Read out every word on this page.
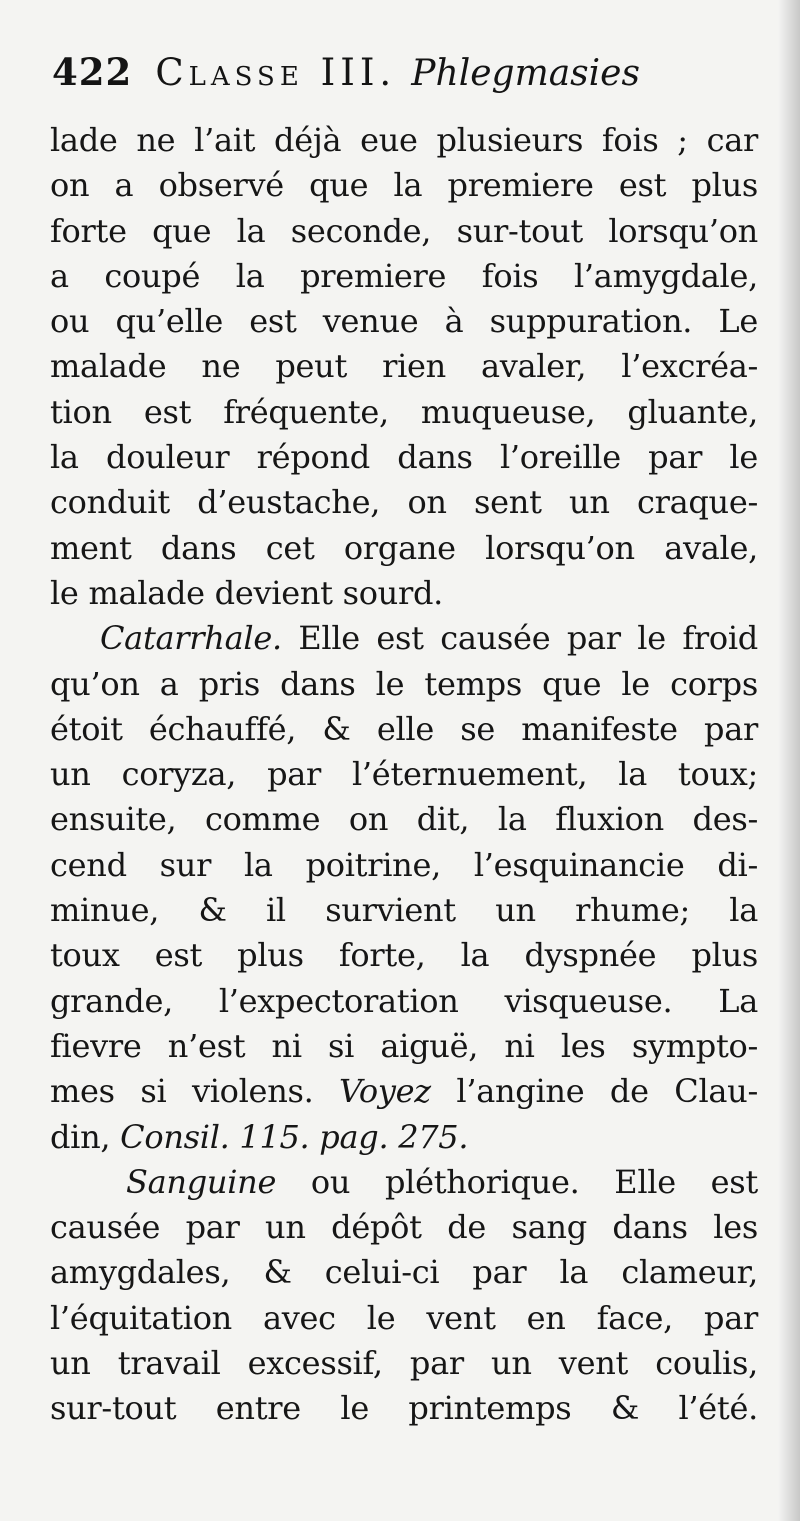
422 Classe III. Phlegmasies
lade ne l’ait déjà eue plusieurs fois ; car
on a observé que la premiere est plus
forte que la seconde, sur-tout lorsqu’on
a coupé la premiere fois l’amygdale,
ou qu’elle est venue à suppuration. Le
malade ne peut rien avaler, l’excréa-
tion est fréquente, muqueuse, gluante,
la douleur répond dans l’oreille par le
conduit d’eustache, on sent un craque-
ment dans cet organe lorsqu’on avale,
le malade devient sourd.
Catarrhale. Elle est causée par le froid
qu’on a pris dans le temps que le corps
étoit échauffé, & elle se manifeste par
un coryza, par l’éternuement, la toux;
ensuite, comme on dit, la fluxion des-
cend sur la poitrine, l’esquinancie di-
minue, & il survient un rhume; la
toux est plus forte, la dyspnée plus
grande, l’expectoration visqueuse. La
fievre n’est ni si aiguë, ni les sympto-
mes si violens. Voyez l’angine de Clau-
din, Consil. 115. pag. 275.
Sanguine ou pléthorique. Elle est
causée par un dépôt de sang dans les
amygdales, & celui-ci par la clameur,
l’équitation avec le vent en face, par
un travail excessif, par un vent coulis,
sur-tout entre le printemps & l’été.
